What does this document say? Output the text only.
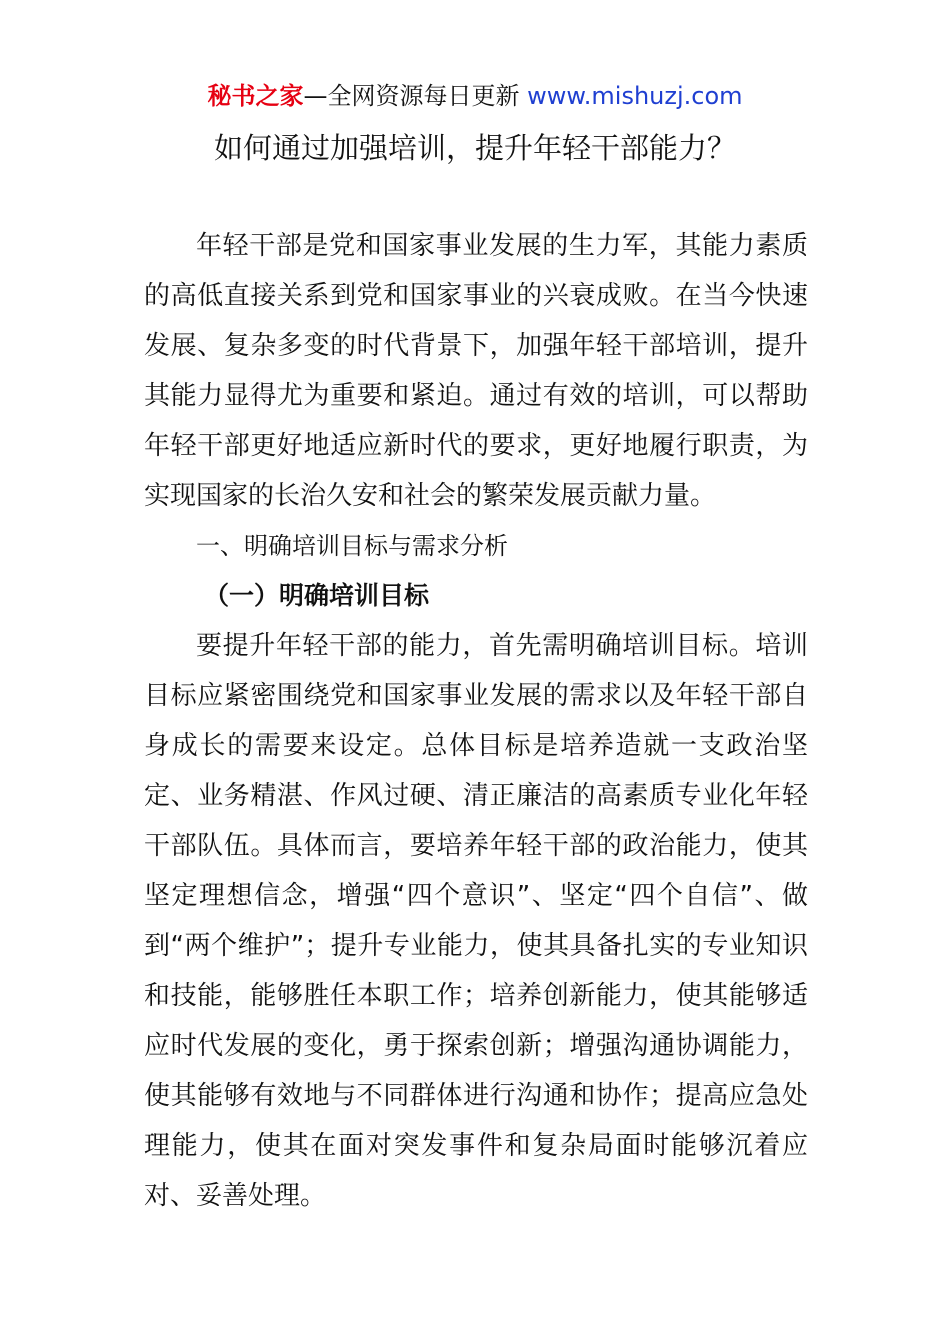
秘书之家—全网资源每日更新 www.mishuzj.com
如何通过加强培训，提升年轻干部能力？

年轻干部是党和国家事业发展的生力军，其能力素质的高低直接关系到党和国家事业的兴衰成败。在当今快速发展、复杂多变的时代背景下，加强年轻干部培训，提升其能力显得尤为重要和紧迫。通过有效的培训，可以帮助年轻干部更好地适应新时代的要求，更好地履行职责，为实现国家的长治久安和社会的繁荣发展贡献力量。

一、明确培训目标与需求分析

（一）明确培训目标

要提升年轻干部的能力，首先需明确培训目标。培训目标应紧密围绕党和国家事业发展的需求以及年轻干部自身成长的需要来设定。总体目标是培养造就一支政治坚定、业务精湛、作风过硬、清正廉洁的高素质专业化年轻干部队伍。具体而言，要培养年轻干部的政治能力，使其坚定理想信念，增强“四个意识”、坚定“四个自信”、做到“两个维护”；提升专业能力，使其具备扎实的专业知识和技能，能够胜任本职工作；培养创新能力，使其能够适应时代发展的变化，勇于探索创新；增强沟通协调能力，使其能够有效地与不同群体进行沟通和协作；提高应急处理能力，使其在面对突发事件和复杂局面时能够沉着应对、妥善处理。
